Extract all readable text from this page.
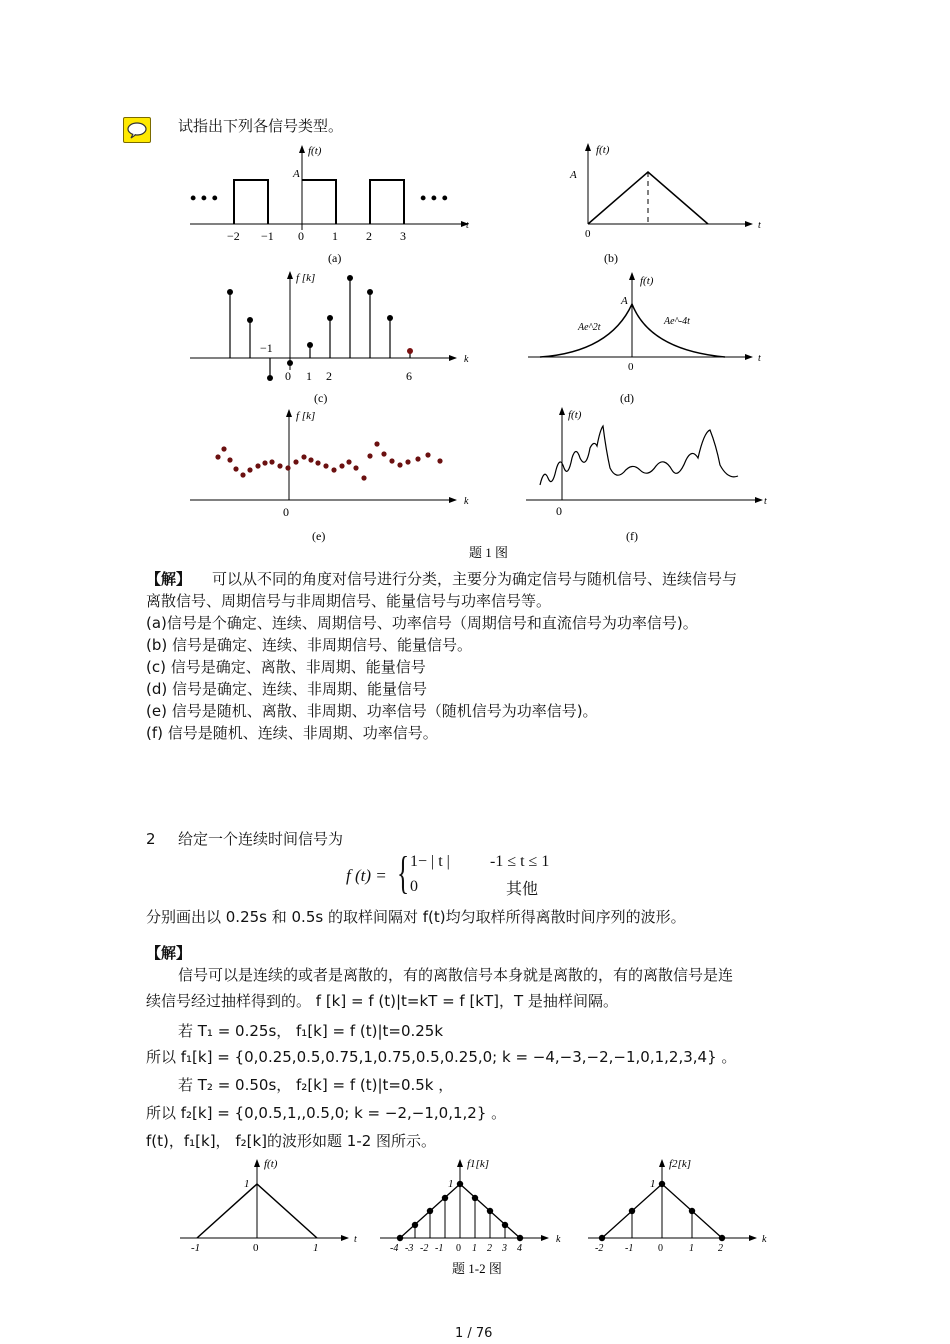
试指出下列各信号类型。
• • •	• • •
f(t)
A
t
−2 −1 0 1 2 3
(a)
f(t)
A
0
t
(b)
f [k]
k
−1
0 1 2	6
(c)
f(t)
A
Ae^2t
Ae^-4t
0
t
(d)
f [k]
0
k
(e)
f(t)
0
t
(f)
题 1 图
【解】 可以从不同的角度对信号进行分类，主要分为确定信号与随机信号、连续信号与
离散信号、周期信号与非周期信号、能量信号与功率信号等。
(a)信号是个确定、连续、周期信号、功率信号（周期信号和直流信号为功率信号)。
(b) 信号是确定、连续、非周期信号、能量信号。
(c) 信号是确定、离散、非周期、能量信号
(d) 信号是确定、连续、非周期、能量信号
(e) 信号是随机、离散、非周期、功率信号（随机信号为功率信号)。
(f) 信号是随机、连续、非周期、功率信号。
2 给定一个连续时间信号为
f (t) = { 1− | t |	-1 ≤ t ≤ 1
0	其他
分别画出以 0.25s 和 0.5s 的取样间隔对 f(t)均匀取样所得离散时间序列的波形。
【解】
信号可以是连续的或者是离散的，有的离散信号本身就是离散的，有的离散信号是连
续信号经过抽样得到的。 f [k] = f (t)|t=kT = f [kT]，T 是抽样间隔。
若 T₁ = 0.25s， f₁[k] = f (t)|t=0.25k
所以 f₁[k] = {0,0.25,0.5,0.75,1,0.75,0.5,0.25,0; k = −4,−3,−2,−1,0,1,2,3,4} 。
若 T₂ = 0.50s， f₂[k] = f (t)|t=0.5k ，
所以 f₂[k] = {0,0.5,1,,0.5,0; k = −2,−1,0,1,2} 。
f(t)，f₁[k]， f₂[k]的波形如题 1-2 图所示。
f(t)
1
t
-1	0	1
f1[k]
1
k
-4 -3 -2 -1 0 1 2 3 4
f2[k]
1
k
-2 -1 0	1 2
题 1-2 图
1 / 76
